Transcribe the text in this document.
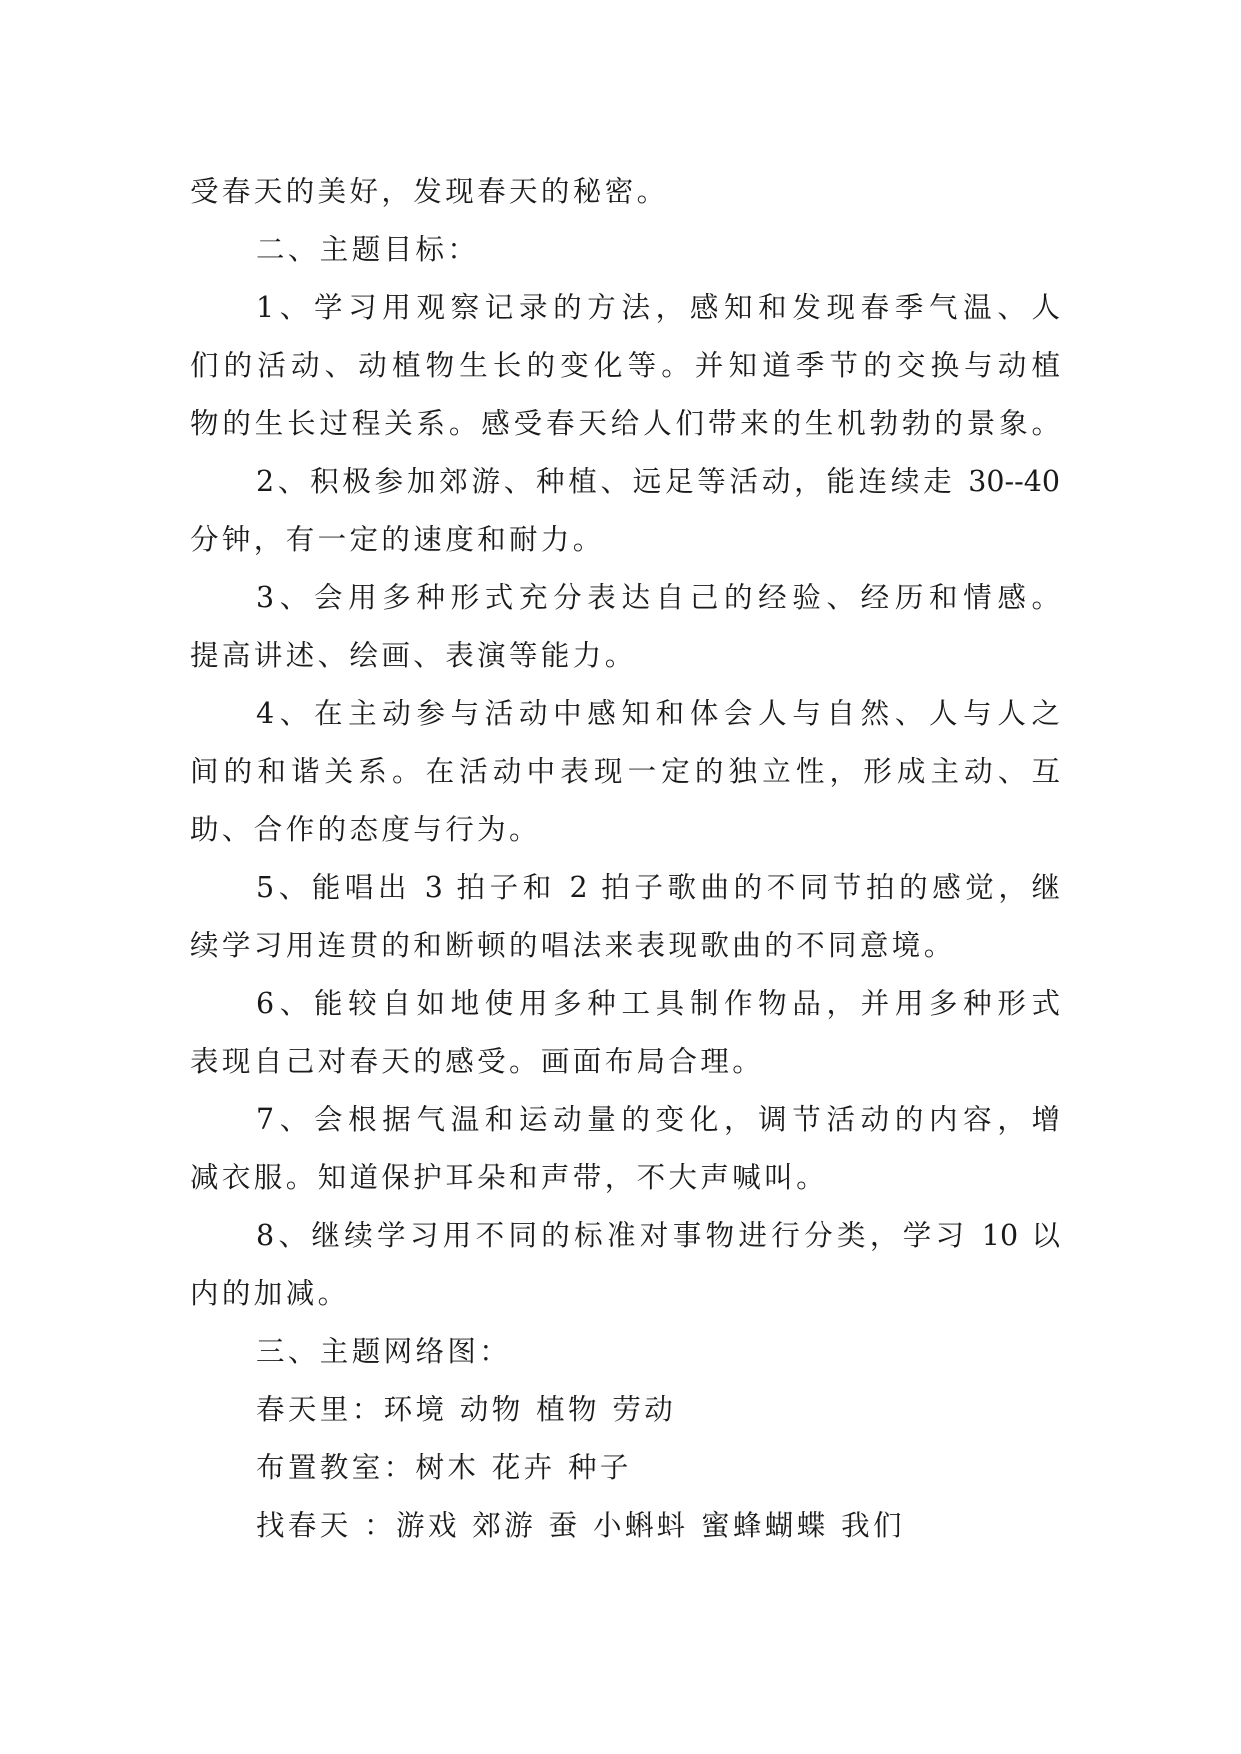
受春天的美好，发现春天的秘密。
二、主题目标：
1、学习用观察记录的方法，感知和发现春季气温、人
们的活动、动植物生长的变化等。并知道季节的交换与动植
物的生长过程关系。感受春天给人们带来的生机勃勃的景象。
2、积极参加郊游、种植、远足等活动，能连续走 30--40
分钟，有一定的速度和耐力。
3、会用多种形式充分表达自己的经验、经历和情感。
提高讲述、绘画、表演等能力。
4、在主动参与活动中感知和体会人与自然、人与人之
间的和谐关系。在活动中表现一定的独立性，形成主动、互
助、合作的态度与行为。
5、能唱出 3 拍子和 2 拍子歌曲的不同节拍的感觉，继
续学习用连贯的和断顿的唱法来表现歌曲的不同意境。
6、能较自如地使用多种工具制作物品，并用多种形式
表现自己对春天的感受。画面布局合理。
7、会根据气温和运动量的变化，调节活动的内容，增
减衣服。知道保护耳朵和声带，不大声喊叫。
8、继续学习用不同的标准对事物进行分类，学习 10 以
内的加减。
三、主题网络图：
春天里：环境 动物 植物 劳动
布置教室：树木 花卉 种子
找春天 ：游戏 郊游 蚕 小蝌蚪 蜜蜂蝴蝶 我们
